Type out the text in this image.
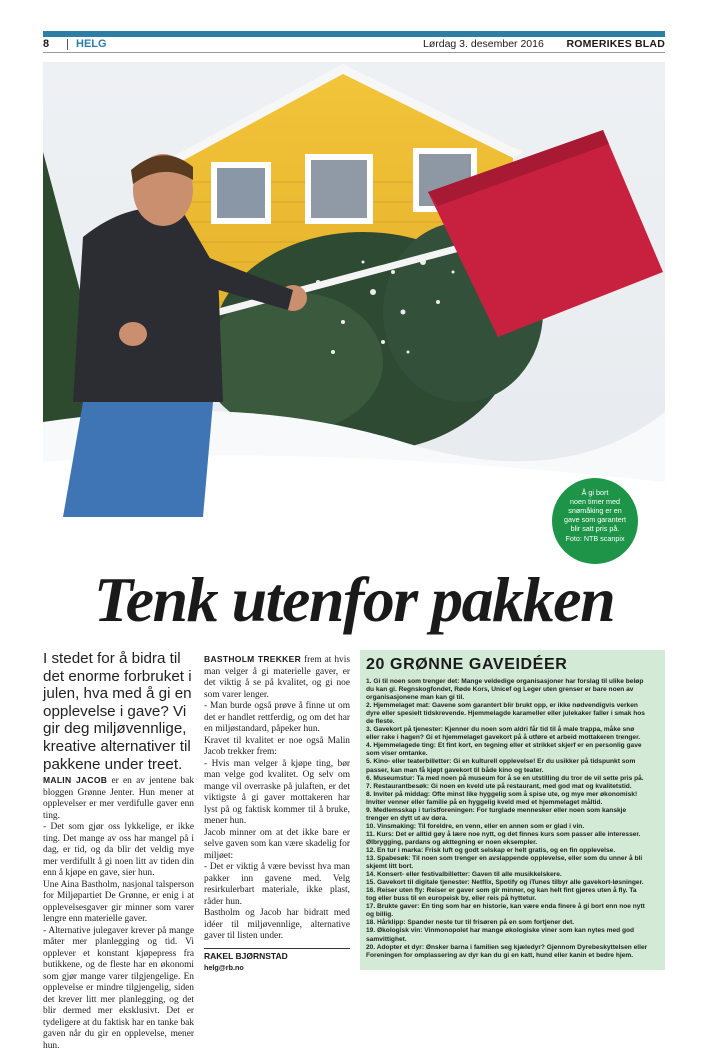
8 HELG	Lørdag 3. desember 2016 ROMERIKES BLAD

Å gi bort

noen timer med

snømåking er en

gave som garantert

blir satt pris på.

Foto: NTB scanpix

Tenk utenfor pakken

I stedet for å bidra til det enorme forbruket i julen, hva med å gi en opplevelse i gave? Vi gir deg miljøvennlige, kreative alternativer til pakkene under treet.

MALIN JACOB er en av jentene bak bloggen Grønne Jenter. Hun mener at opplevelser er mer verdifulle gaver enn ting.

- Det som gjør oss lykkelige, er ikke ting. Det mange av oss har mangel på i dag, er tid, og da blir det veldig mye mer verdifullt å gi noen litt av tiden din enn å kjøpe en gave, sier hun.

Une Aina Bastholm, nasjonal talsperson for Miljøpartiet De Grønne, er enig i at opplevelsesgaver gir minner som varer lengre enn materielle gaver.

- Alternative julegaver krever på mange måter mer planlegging og tid. Vi opplever et konstant kjøpepress fra butikkene, og de fleste har en økonomi som gjør mange varer tilgjengelige. En opplevelse er mindre tilgjengelig, siden det krever litt mer planlegging, og det blir dermed mer eksklusivt. Det er tydeligere at du faktisk har en tanke bak gaven når du gir en opplevelse, mener hun.

BASTHOLM TREKKER frem at hvis man velger å gi materielle gaver, er det viktig å se på kvalitet, og gi noe som varer lenger.

- Man burde også prøve å finne ut om det er handlet rettferdig, og om det har en miljøstandard, påpeker hun.

Kravet til kvalitet er noe også Malin Jacob trekker frem:

- Hvis man velger å kjøpe ting, bør man velge god kvalitet. Og selv om mange vil overraske på julaften, er det viktigste å gi gaver mottakeren har lyst på og faktisk kommer til å bruke, mener hun.

Jacob minner om at det ikke bare er selve gaven som kan være skadelig for miljøet:

- Det er viktig å være bevisst hva man pakker inn gavene med. Velg resirkulerbart materiale, ikke plast, råder hun.

Bastholm og Jacob har bidratt med idéer til miljøvennlige, alternative gaver til listen under.

RAKEL BJØRNSTAD

helg@rb.no

20 GRØNNE GAVEIDÉER
1. Gi til noen som trenger det: Mange veldedige organisasjoner har forslag til ulike beløp
du kan gi. Regnskogfondet, Røde Kors, Unicef og Leger uten grenser er bare noen av
organisasjonene man kan gi til.
2. Hjemmelaget mat: Gavene som garantert blir brukt opp, er ikke nødvendigvis verken
dyre eller spesielt tidskrevende. Hjemmelagde karameller eller julekaker faller i smak hos
de fleste.
3. Gavekort på tjenester: Kjenner du noen som aldri får tid til å male trappa, måke snø
eller rake i hagen? Gi et hjemmelaget gavekort på å utføre et arbeid mottakeren trenger.
4. Hjemmelagede ting: Et fint kort, en tegning eller et strikket skjerf er en personlig gave
som viser omtanke.
5. Kino- eller teaterbilletter: Gi en kulturell opplevelse! Er du usikker på tidspunkt som
passer, kan man få kjøpt gavekort til både kino og teater.
6. Museumstur: Ta med noen på museum for å se en utstilling du tror de vil sette pris på.
7. Restaurantbesøk: Gi noen en kveld ute på restaurant, med god mat og kvalitetstid.
8. Inviter på middag: Ofte minst like hyggelig som å spise ute, og mye mer økonomisk!
Inviter venner eller familie på en hyggelig kveld med et hjemmelaget måltid.
9. Medlemsskap i turistforeningen: For turglade mennesker eller noen som kanskje
trenger en dytt ut av døra.
10. Vinsmaking: Til foreldre, en venn, eller en annen som er glad i vin.
11. Kurs: Det er alltid gøy å lære noe nytt, og det finnes kurs som passer alle interesser.
Ølbrygging, pardans og akttegning er noen eksempler.
12. En tur i marka: Frisk luft og godt selskap er helt gratis, og en fin opplevelse.
13. Spabesøk: Til noen som trenger en avslappende opplevelse, eller som du unner å bli
skjemt litt bort.
14. Konsert- eller festivalbilletter: Gaven til alle musikkelskere.
15. Gavekort til digitale tjenester: Netflix, Spotify og iTunes tilbyr alle gavekort-løsninger.
16. Reiser uten fly: Reiser er gaver som gir minner, og kan helt fint gjøres uten å fly. Ta
tog eller buss til en europeisk by, eller reis på hyttetur.
17. Brukte gaver: En ting som har en historie, kan være enda finere å gi bort enn noe nytt
og billig.
18. Hårklipp: Spander neste tur til frisøren på en som fortjener det.
19. Økologisk vin: Vinmonopolet har mange økologiske viner som kan nytes med god
samvittighet.
20. Adopter et dyr: Ønsker barna i familien seg kjæledyr? Gjennom Dyrebeskyttelsen eller
Foreningen for omplassering av dyr kan du gi en katt, hund eller kanin et bedre hjem.
